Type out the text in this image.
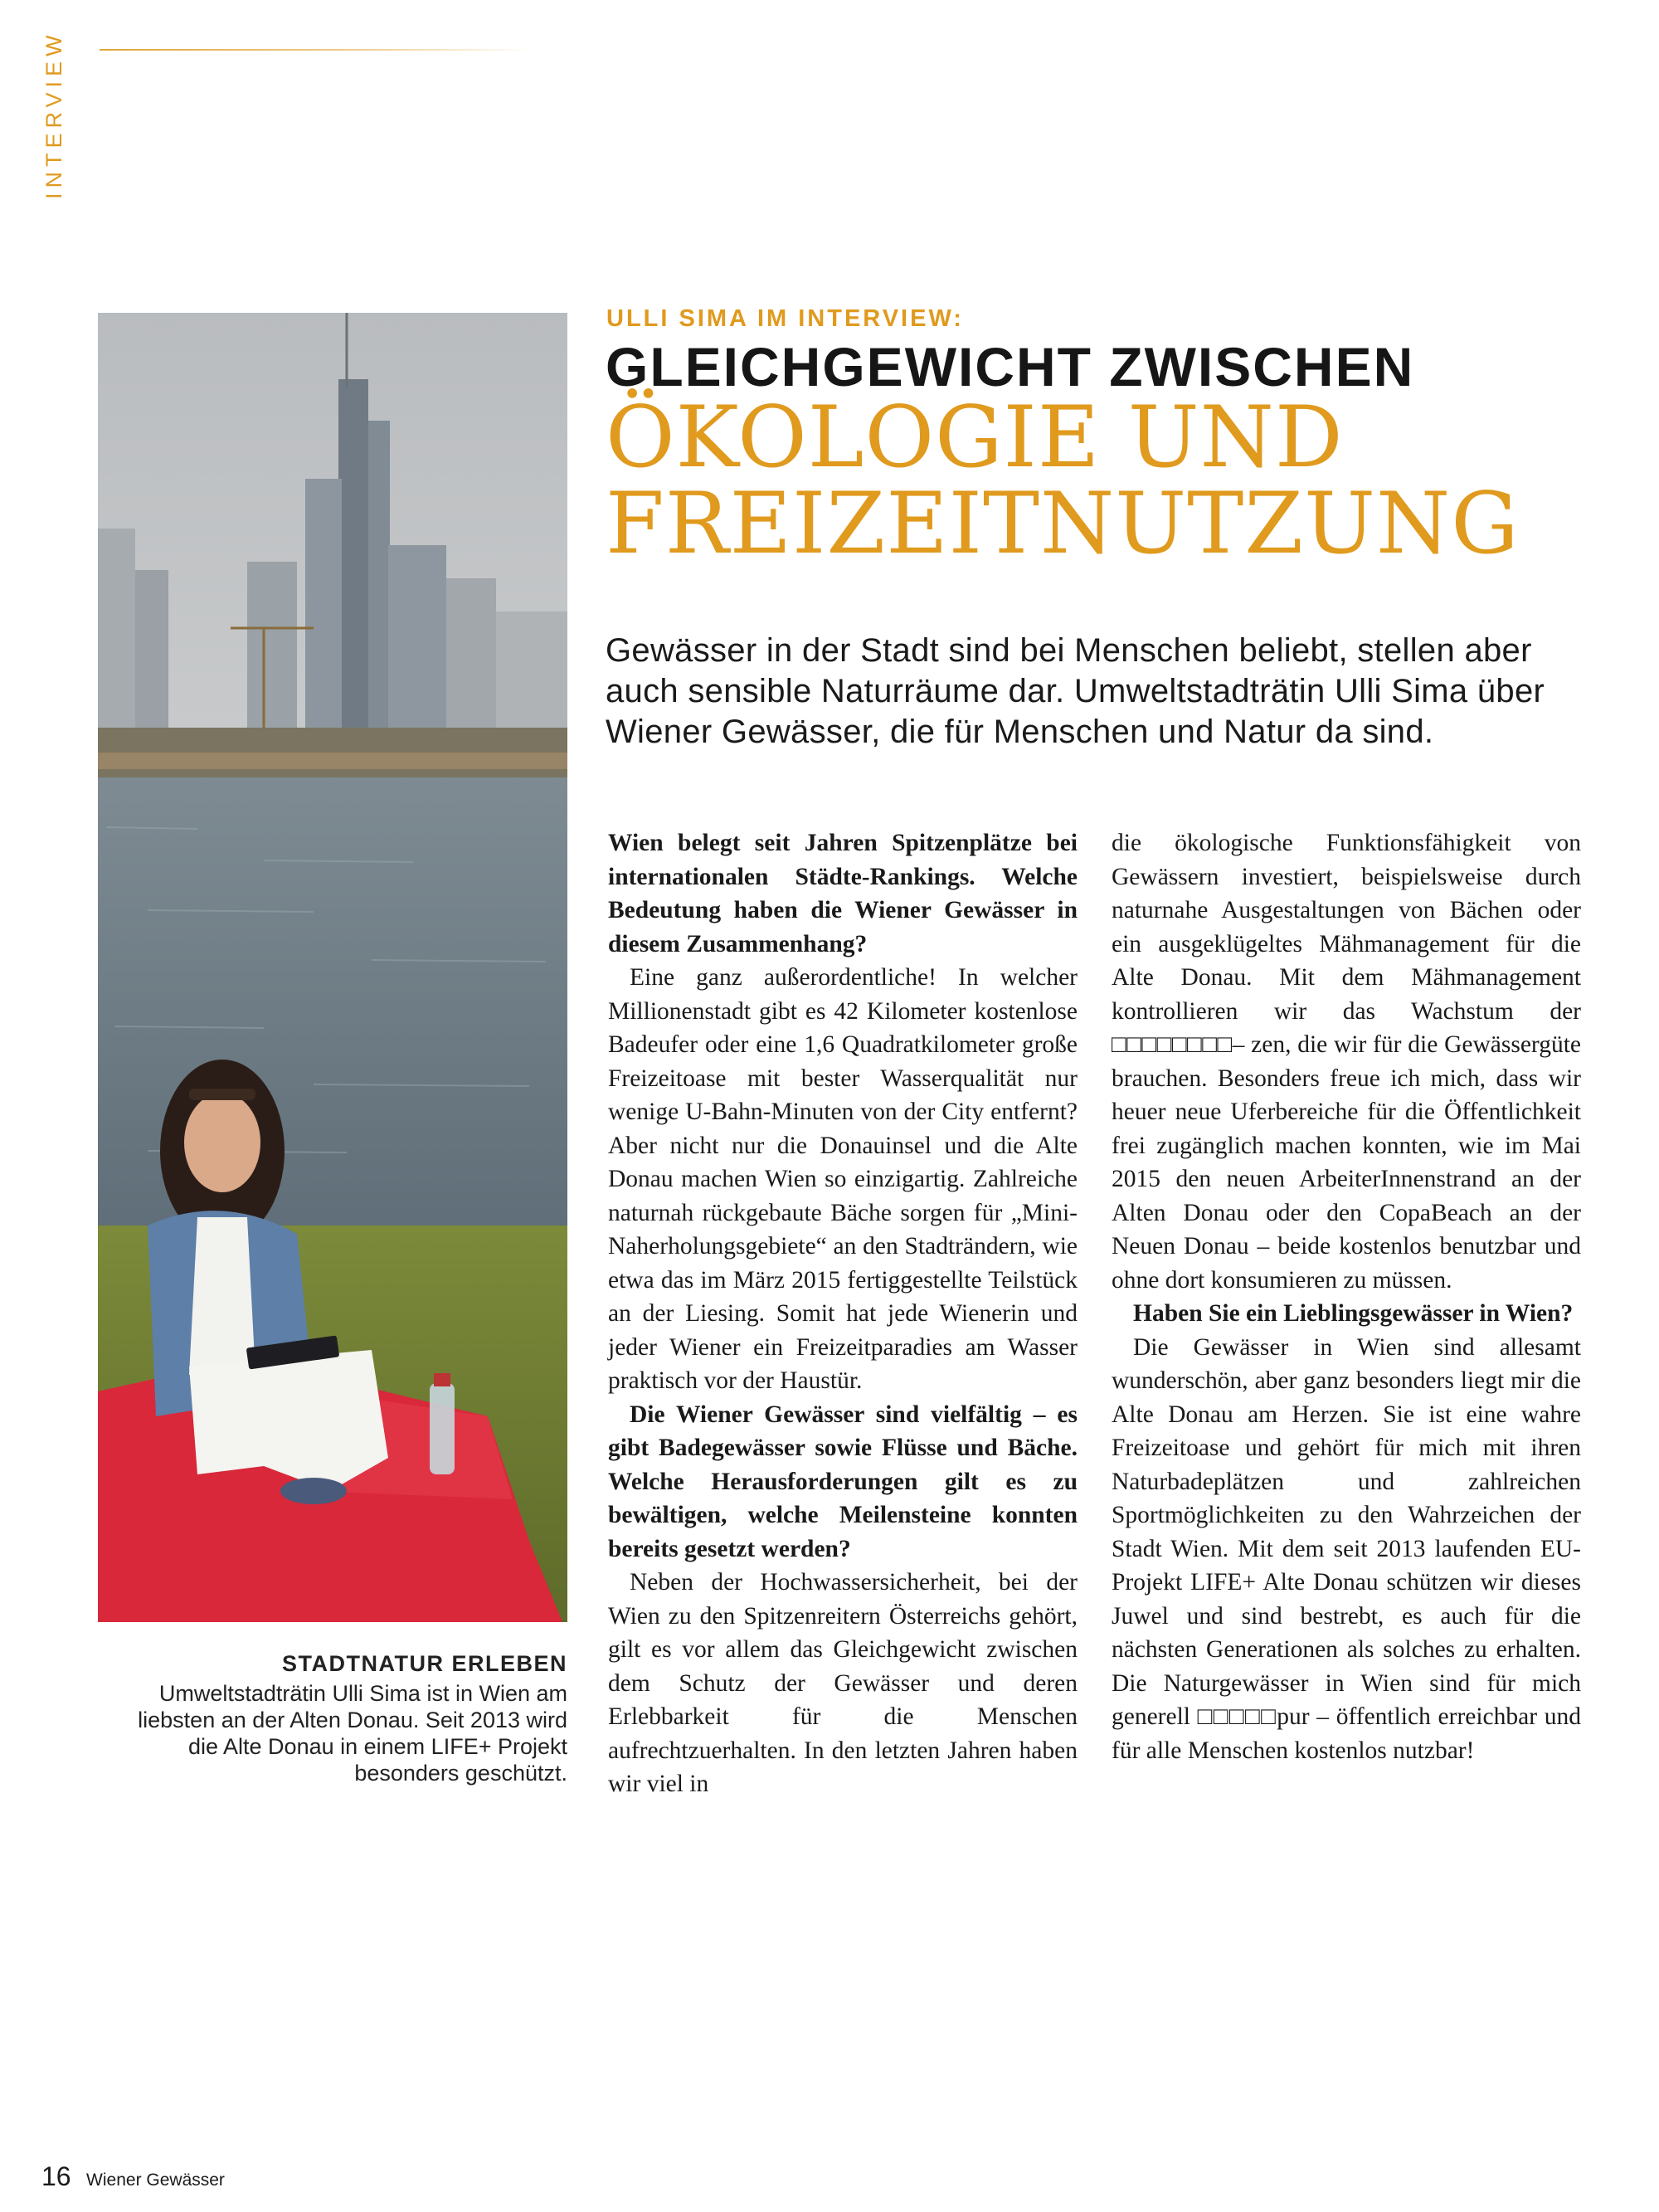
INTERVIEW
STADTNATUR ERLEBEN
Umweltstadträtin Ulli Sima ist in Wien am liebsten an der Alten Donau. Seit 2013 wird die Alte Donau in einem LIFE+ Projekt besonders geschützt.
ULLI SIMA IM INTERVIEW:
GLEICHGEWICHT ZWISCHEN
ÖKOLOGIE UND
FREIZEITNUTZUNG
Gewässer in der Stadt sind bei Menschen beliebt, stellen aber auch sensible Naturräume dar. Umweltstadträtin Ulli Sima über Wiener Gewässer, die für Menschen und Natur da sind.

Wien belegt seit Jahren Spitzenplätze bei internationalen Städte-Rankings. Welche Bedeutung haben die Wiener Gewässer in diesem Zusammenhang?

Eine ganz außerordentliche! In welcher Millionenstadt gibt es 42 Kilometer kostenlose Badeufer oder eine 1,6 Quadratkilometer große Freizeitoase mit bester Wasserqualität nur wenige U-Bahn-Minuten von der City entfernt? Aber nicht nur die Donauinsel und die Alte Donau machen Wien so einzigartig. Zahlreiche naturnah rückgebaute Bäche sorgen für „Mini-Naherholungsgebiete“ an den Stadträndern, wie etwa das im März 2015 fertiggestellte Teilstück an der Liesing. Somit hat jede Wienerin und jeder Wiener ein Freizeitparadies am Wasser praktisch vor der Haustür.

Die Wiener Gewässer sind vielfältig – es gibt Badegewässer sowie Flüsse und Bäche. Welche Herausforderungen gilt es zu bewältigen, welche Meilensteine konnten bereits gesetzt werden?

Neben der Hochwassersicherheit, bei der Wien zu den Spitzenreitern Österreichs gehört, gilt es vor allem das Gleichgewicht zwischen dem Schutz der Gewässer und deren Erlebbarkeit für die Menschen aufrechtzuerhalten. In den letzten Jahren haben wir viel in

die ökologische Funktionsfähigkeit von Gewässern investiert, beispielsweise durch naturnahe Ausgestaltungen von Bächen oder ein ausgeklügeltes Mähmanagement für die Alte Donau. Mit dem Mähmanagement kontrollieren wir das Wachstum der □□□□□□□□– zen, die wir für die Gewässergüte brauchen. Besonders freue ich mich, dass wir heuer neue Uferbereiche für die Öffentlichkeit frei zugänglich machen konnten, wie im Mai 2015 den neuen ArbeiterInnenstrand an der Alten Donau oder den CopaBeach an der Neuen Donau – beide kostenlos benutzbar und ohne dort konsumieren zu müssen.

Haben Sie ein Lieblingsgewässer in Wien?

Die Gewässer in Wien sind allesamt wunderschön, aber ganz besonders liegt mir die Alte Donau am Herzen. Sie ist eine wahre Freizeitoase und gehört für mich mit ihren Naturbadeplätzen und zahlreichen Sportmöglichkeiten zu den Wahrzeichen der Stadt Wien. Mit dem seit 2013 laufenden EU-Projekt LIFE+ Alte Donau schützen wir dieses Juwel und sind bestrebt, es auch für die nächsten Generationen als solches zu erhalten. Die Naturgewässer in Wien sind für mich generell □□□□□pur – öffentlich erreichbar und für alle Menschen kostenlos nutzbar!

16 Wiener Gewässer
